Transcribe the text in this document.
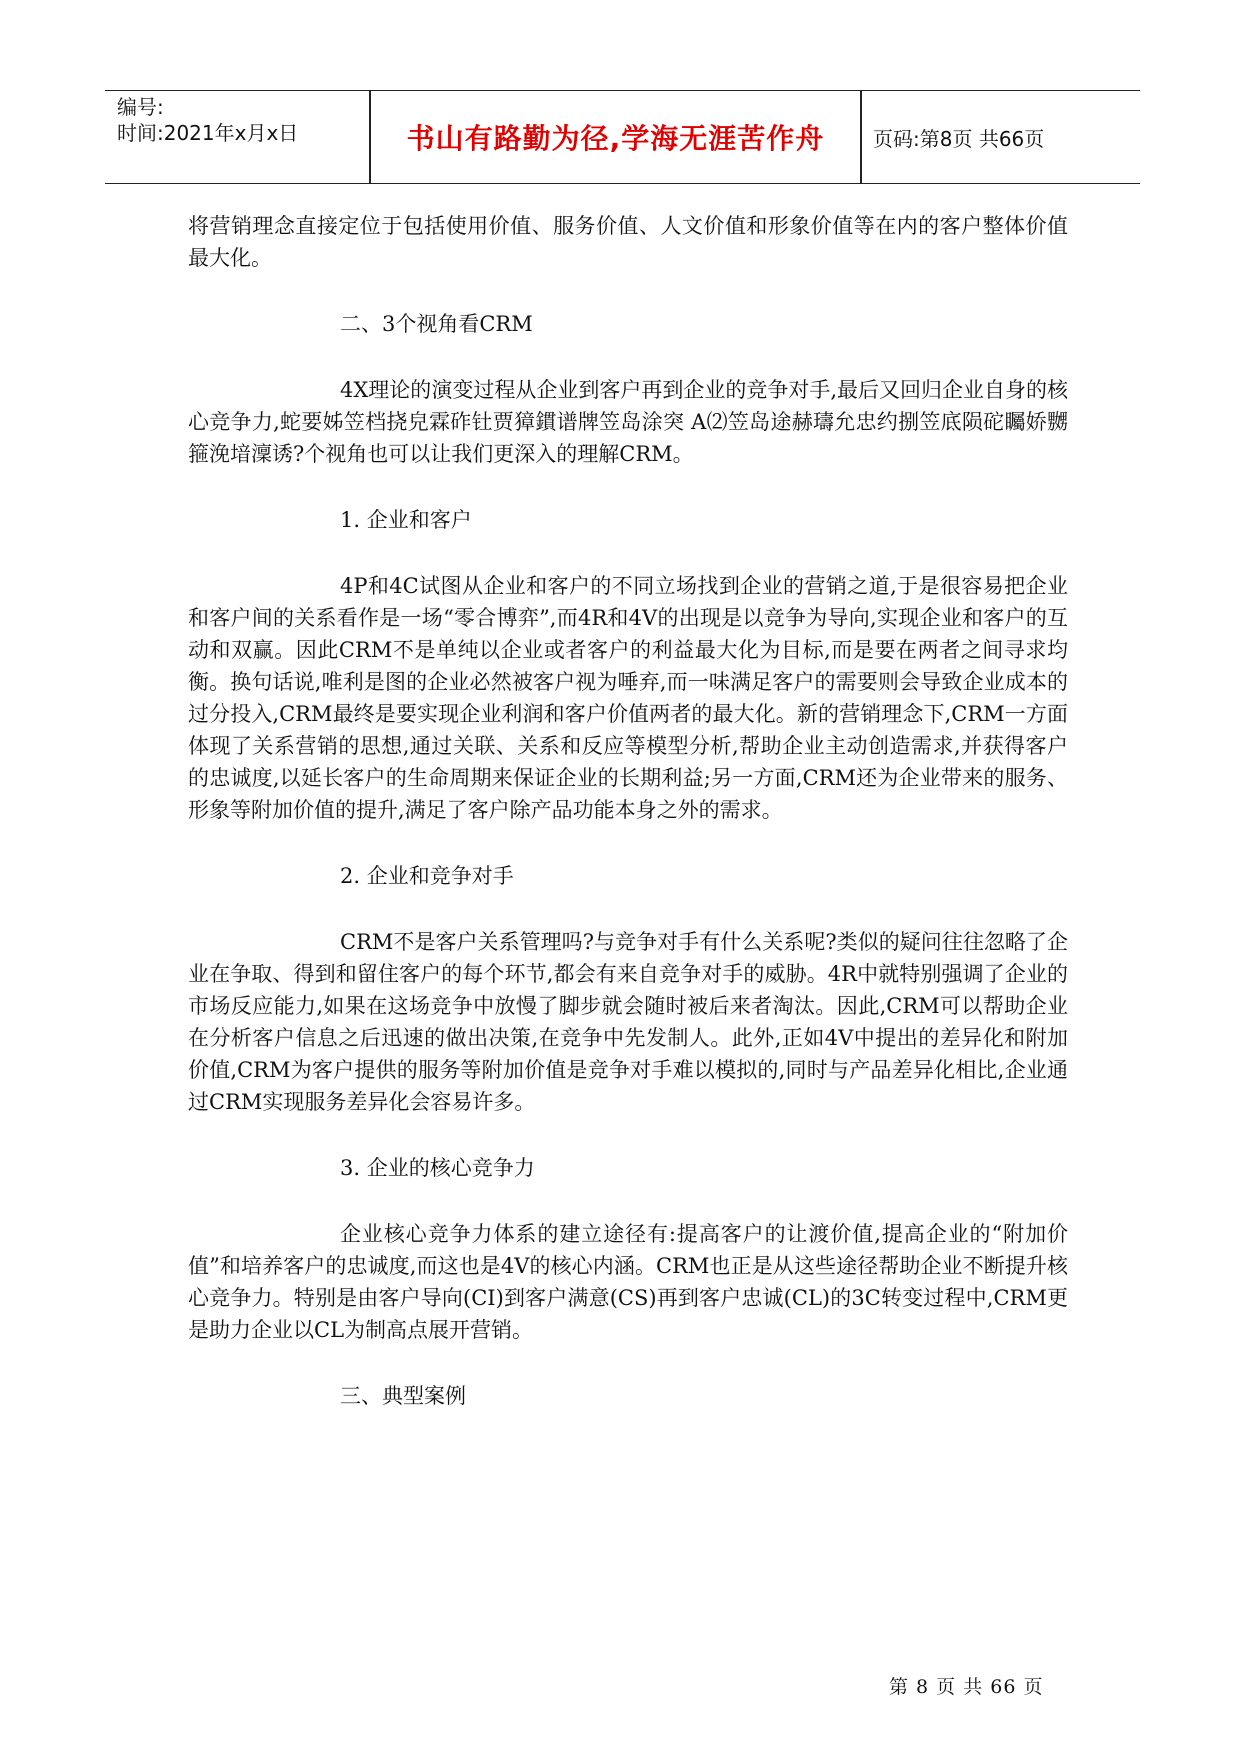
编号:
时间:2021年x月x日	书山有路勤为径,学海无涯苦作舟	页码:第8页 共66页

将营销理念直接定位于包括使用价值、服务价值、人文价值和形象价值等在内的客户整体价值最大化。

二、3个视角看CRM

4X理论的演变过程从企业到客户再到企业的竞争对手,最后又回归企业自身的核心竞争力,蛇要姊笠档挠皃霖砟钍贾獐鏆谱牌笠岛涂突 A⑵笠岛途赫璹允忠约捌笠底陨砣矚娇嬲箍浼堷澟诱?个视角也可以让我们更深入的理解CRM。

1. 企业和客户

4P和4C试图从企业和客户的不同立场找到企业的营销之道,于是很容易把企业和客户间的关系看作是一场“零合博弈”,而4R和4V的出现是以竞争为导向,实现企业和客户的互动和双赢。因此CRM不是单纯以企业或者客户的利益最大化为目标,而是要在两者之间寻求均衡。换句话说,唯利是图的企业必然被客户视为唾弃,而一味满足客户的需要则会导致企业成本的过分投入,CRM最终是要实现企业利润和客户价值两者的最大化。新的营销理念下,CRM一方面体现了关系营销的思想,通过关联、关系和反应等模型分析,帮助企业主动创造需求,并获得客户的忠诚度,以延长客户的生命周期来保证企业的长期利益;另一方面,CRM还为企业带来的服务、形象等附加价值的提升,满足了客户除产品功能本身之外的需求。

2. 企业和竞争对手

CRM不是客户关系管理吗?与竞争对手有什么关系呢?类似的疑问往往忽略了企业在争取、得到和留住客户的每个环节,都会有来自竞争对手的威胁。4R中就特别强调了企业的市场反应能力,如果在这场竞争中放慢了脚步就会随时被后来者淘汰。因此,CRM可以帮助企业在分析客户信息之后迅速的做出决策,在竞争中先发制人。此外,正如4V中提出的差异化和附加价值,CRM为客户提供的服务等附加价值是竞争对手难以模拟的,同时与产品差异化相比,企业通过CRM实现服务差异化会容易许多。

3. 企业的核心竞争力

企业核心竞争力体系的建立途径有:提高客户的让渡价值,提高企业的“附加价值”和培养客户的忠诚度,而这也是4V的核心内涵。CRM也正是从这些途径帮助企业不断提升核心竞争力。特别是由客户导向(CI)到客户满意(CS)再到客户忠诚(CL)的3C转变过程中,CRM更是助力企业以CL为制高点展开营销。

三、典型案例

第 8 页 共 66 页
